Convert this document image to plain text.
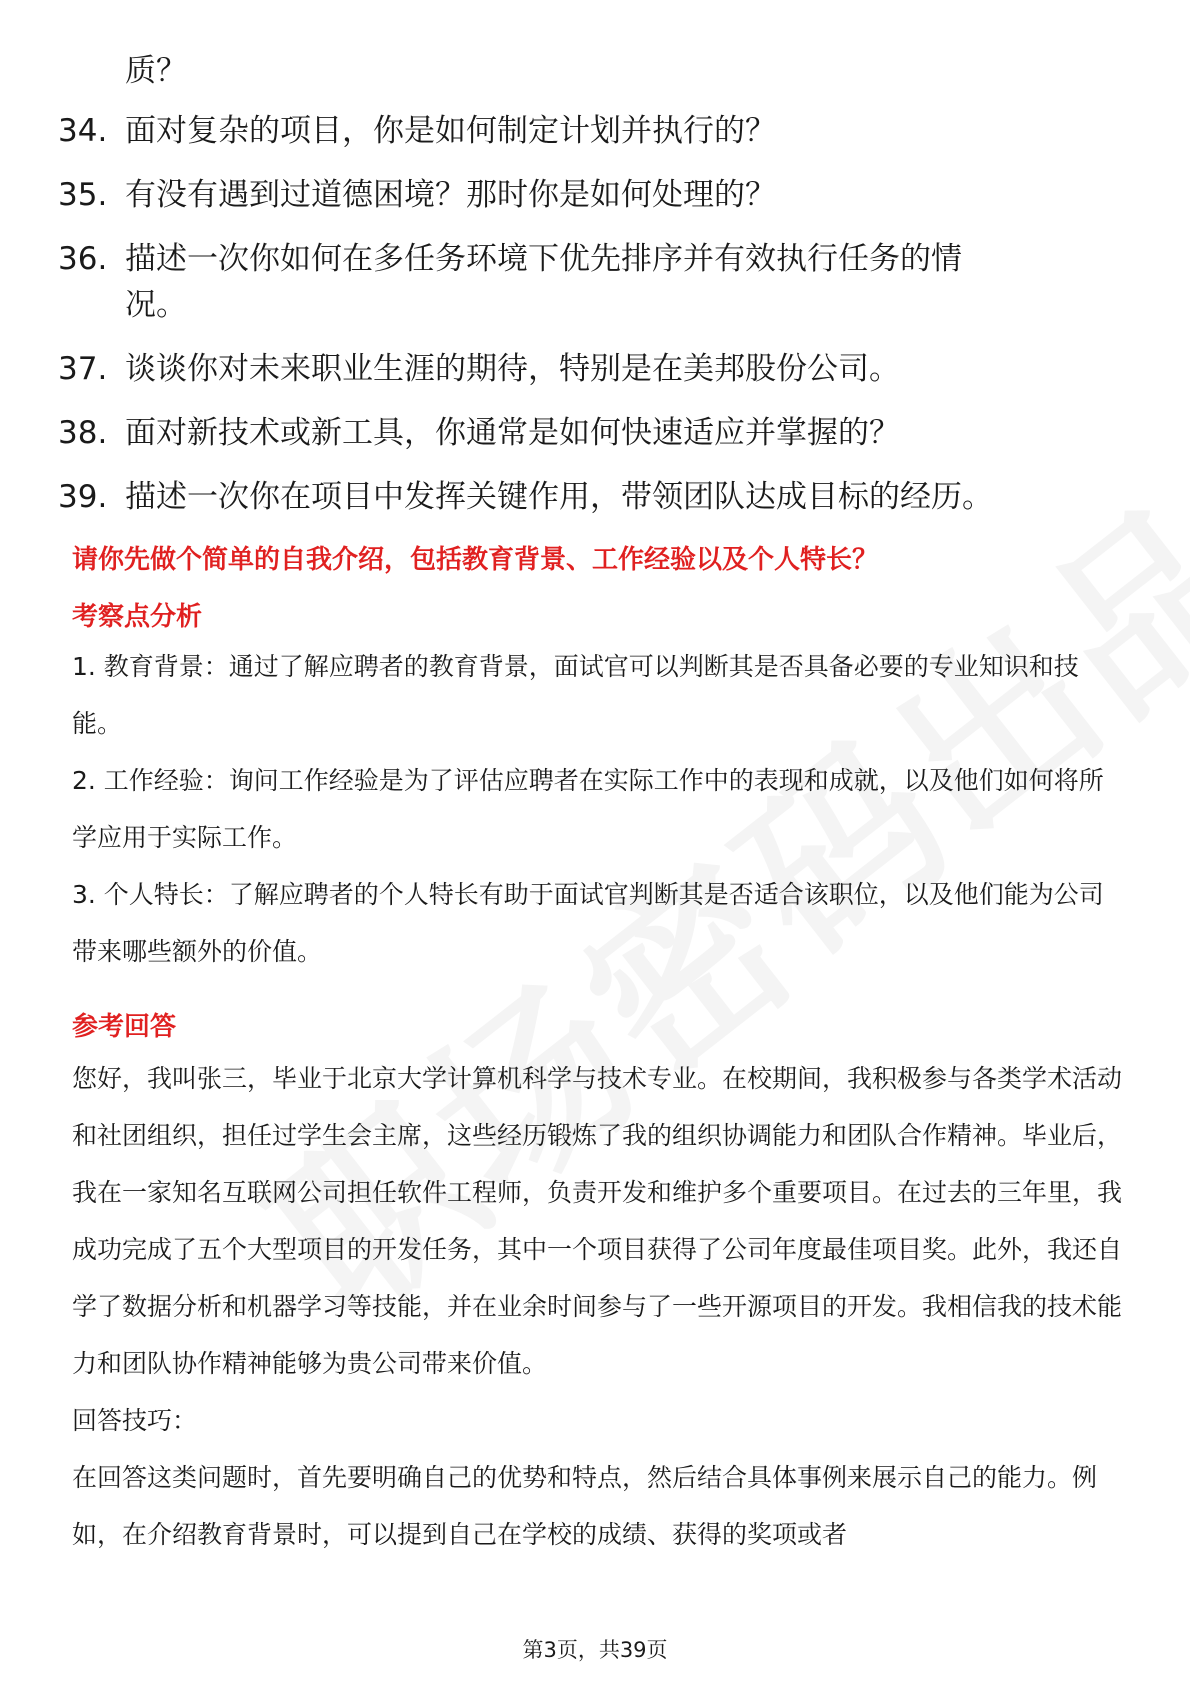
质？
34. 面对复杂的项目，你是如何制定计划并执行的？
35. 有没有遇到过道德困境？那时你是如何处理的？
36. 描述一次你如何在多任务环境下优先排序并有效执行任务的情况。
37. 谈谈你对未来职业生涯的期待，特别是在美邦股份公司。
38. 面对新技术或新工具，你通常是如何快速适应并掌握的？
39. 描述一次你在项目中发挥关键作用，带领团队达成目标的经历。
请你先做个简单的自我介绍，包括教育背景、工作经验以及个人特长？
考察点分析

1. 教育背景：通过了解应聘者的教育背景，面试官可以判断其是否具备必要的专业知识和技能。

2. 工作经验：询问工作经验是为了评估应聘者在实际工作中的表现和成就，以及他们如何将所学应用于实际工作。

3. 个人特长：了解应聘者的个人特长有助于面试官判断其是否适合该职位，以及他们能为公司带来哪些额外的价值。

参考回答

您好，我叫张三，毕业于北京大学计算机科学与技术专业。在校期间，我积极参与各类学术活动和社团组织，担任过学生会主席，这些经历锻炼了我的组织协调能力和团队合作精神。毕业后，我在一家知名互联网公司担任软件工程师，负责开发和维护多个重要项目。在过去的三年里，我成功完成了五个大型项目的开发任务，其中一个项目获得了公司年度最佳项目奖。此外，我还自学了数据分析和机器学习等技能，并在业余时间参与了一些开源项目的开发。我相信我的技术能力和团队协作精神能够为贵公司带来价值。

回答技巧：

在回答这类问题时，首先要明确自己的优势和特点，然后结合具体事例来展示自己的能力。例如，在介绍教育背景时，可以提到自己在学校的成绩、获得的奖项或者

第3页，共39页
